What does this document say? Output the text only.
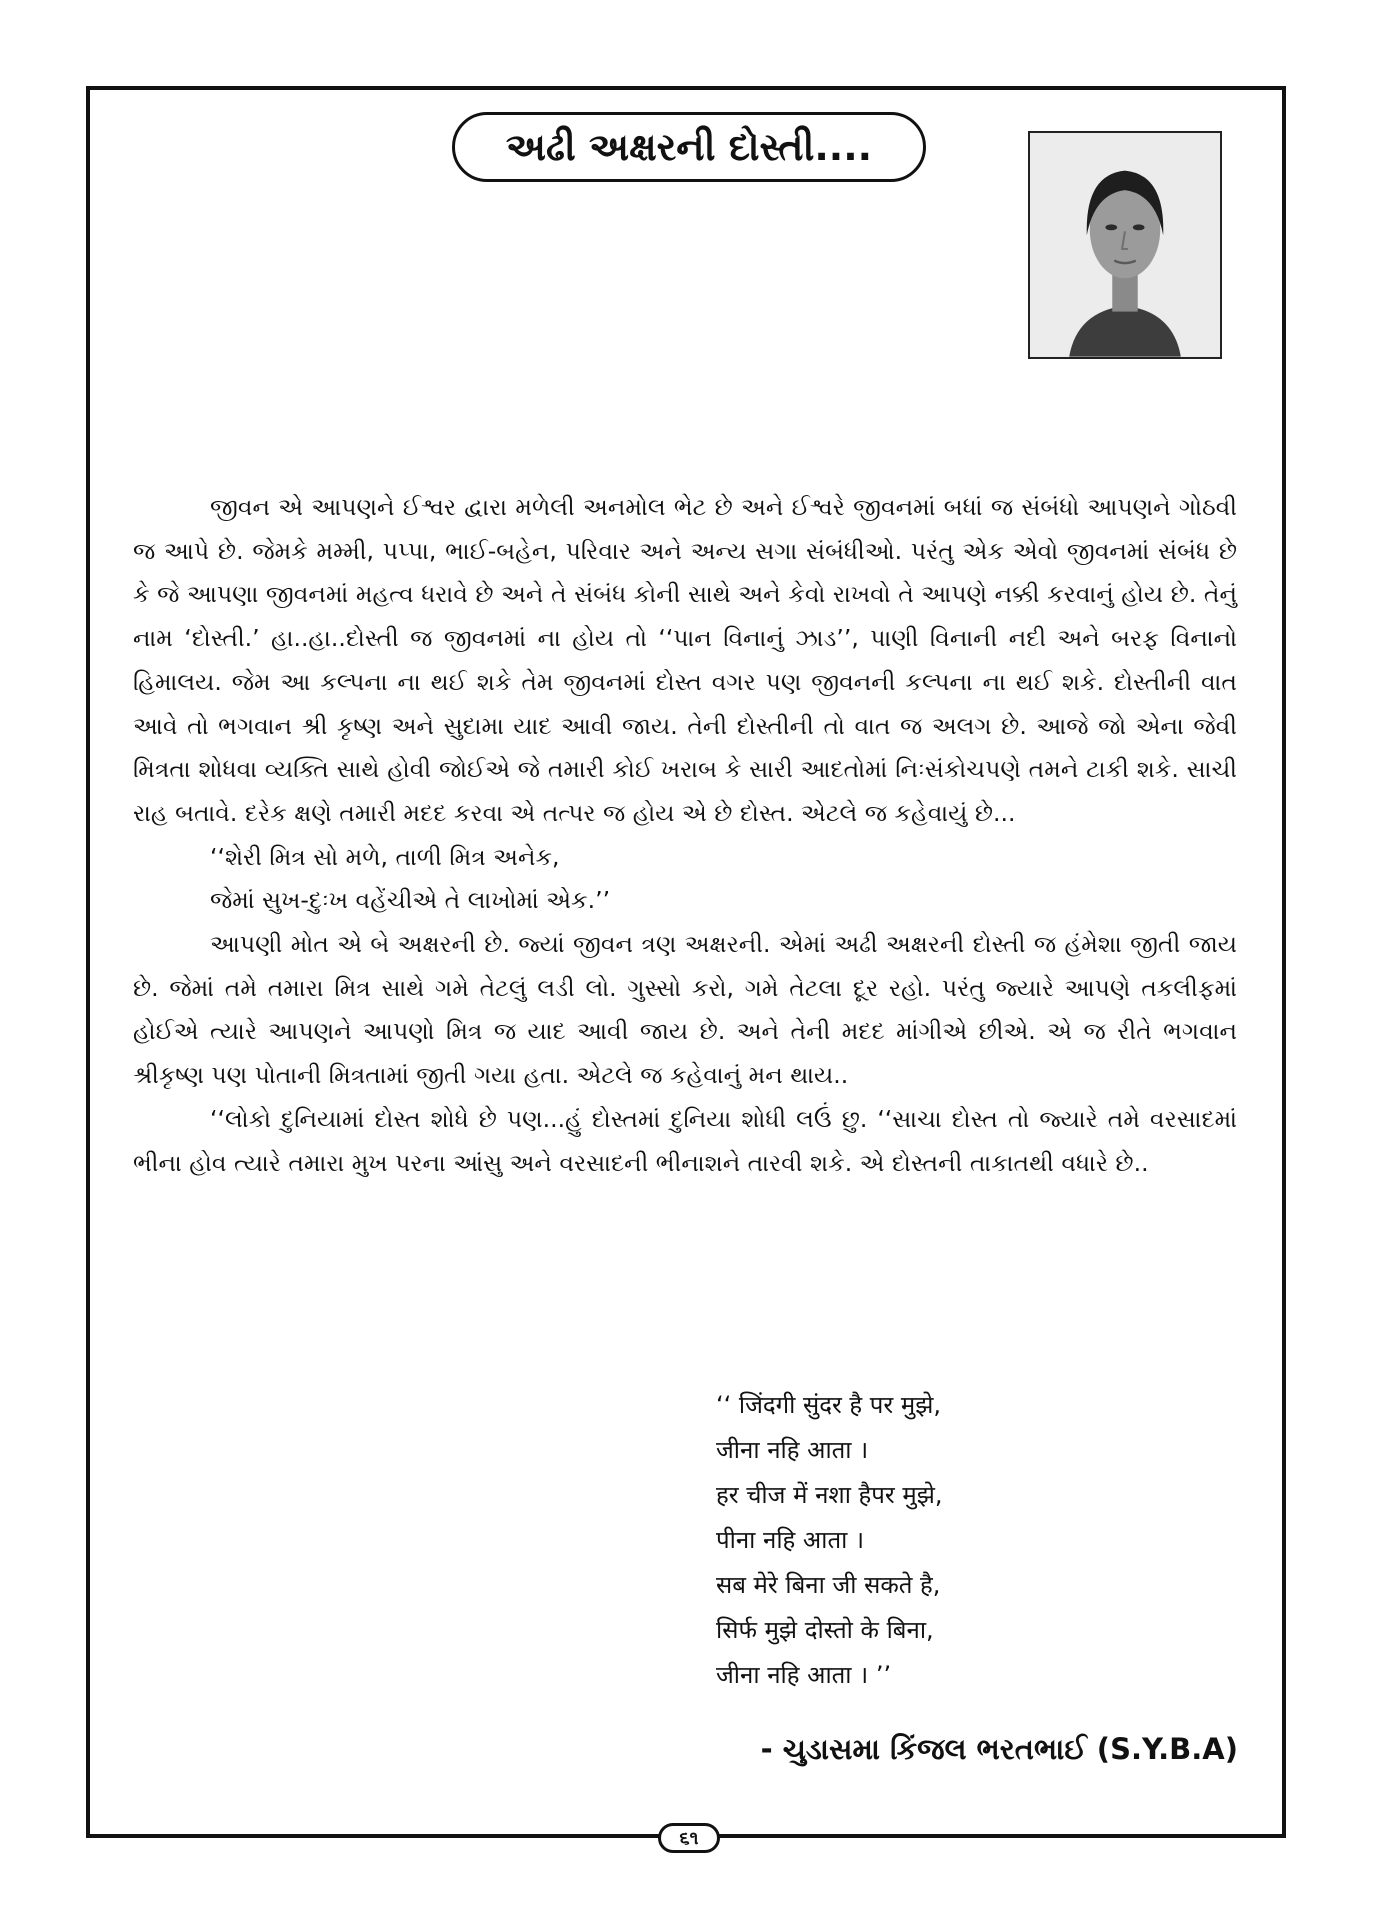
અઢી અક્ષરની દોસ્તી....

જીવન એ આપણને ઈશ્વર દ્વારા મળેલી અનમોલ ભેટ છે અને ઈશ્વરે જીવનમાં બધાં જ સંબંધો આપણને ગોઠવી જ આપે છે. જેમકે મમ્મી, પપ્પા, ભાઈ-બહેન, પરિવાર અને અન્ય સગા સંબંધીઓ. પરંતુ એક એવો જીવનમાં સંબંધ છે કે જે આપણા જીવનમાં મહત્વ ધરાવે છે અને તે સંબંધ કોની સાથે અને કેવો રાખવો તે આપણે નક્કી કરવાનું હોય છે. તેનું નામ ‘દોસ્તી.’ હા..હા..દોસ્તી જ જીવનમાં ના હોય તો ‘‘પાન વિનાનું ઝાડ’’, પાણી વિનાની નદી અને બરફ વિનાનો હિમાલય. જેમ આ કલ્પના ના થઈ શકે તેમ જીવનમાં દોસ્ત વગર પણ જીવનની કલ્પના ના થઈ શકે. દોસ્તીની વાત આવે તો ભગવાન શ્રી કૃષ્ણ અને સુદામા યાદ આવી જાય. તેની દોસ્તીની તો વાત જ અલગ છે. આજે જો એના જેવી મિત્રતા શોધવા વ્યક્તિ સાથે હોવી જોઈએ જે તમારી કોઈ ખરાબ કે સારી આદતોમાં નિઃસંકોચપણે તમને ટાકી શકે. સાચી રાહ બતાવે. દરેક ક્ષણે તમારી મદદ કરવા એ તત્પર જ હોય એ છે દોસ્ત. એટલે જ કહેવાયું છે...

‘‘શેરી મિત્ર સો મળે, તાળી મિત્ર અનેક,

જેમાં સુખ-દુઃખ વહેંચીએ તે લાખોમાં એક.’’

આપણી મોત એ બે અક્ષરની છે. જ્યાં જીવન ત્રણ અક્ષરની. એમાં અઢી અક્ષરની દોસ્તી જ હંમેશા જીતી જાય છે. જેમાં તમે તમારા મિત્ર સાથે ગમે તેટલું લડી લો. ગુસ્સો કરો, ગમે તેટલા દૂર રહો. પરંતુ જ્યારે આપણે તકલીફમાં હોઈએ ત્યારે આપણને આપણો મિત્ર જ યાદ આવી જાય છે. અને તેની મદદ માંગીએ છીએ. એ જ રીતે ભગવાન શ્રીકૃષ્ણ પણ પોતાની મિત્રતામાં જીતી ગયા હતા. એટલે જ કહેવાનું મન થાય..

‘‘લોકો દુનિયામાં દોસ્ત શોધે છે પણ...હું દોસ્તમાં દુનિયા શોધી લઉં છુ. ‘‘સાચા દોસ્ત તો જ્યારે તમે વરસાદમાં ભીના હોવ ત્યારે તમારા મુખ પરના આંસુ અને વરસાદની ભીનાશને તારવી શકે. એ દોસ્તની તાકાતથી વધારે છે..

‘‘ जिंदगी सुंदर है पर मुझे,
जीना नहि आता ।
हर चीज में नशा हैपर मुझे,
पीना नहि आता ।
सब मेरे बिना जी सकते है,
सिर्फ मुझे दोस्तो के बिना,
जीना नहि आता । ’’
- ચુડાસમા કિંજલ ભરતભાઈ (S.Y.B.A)
૬૧
